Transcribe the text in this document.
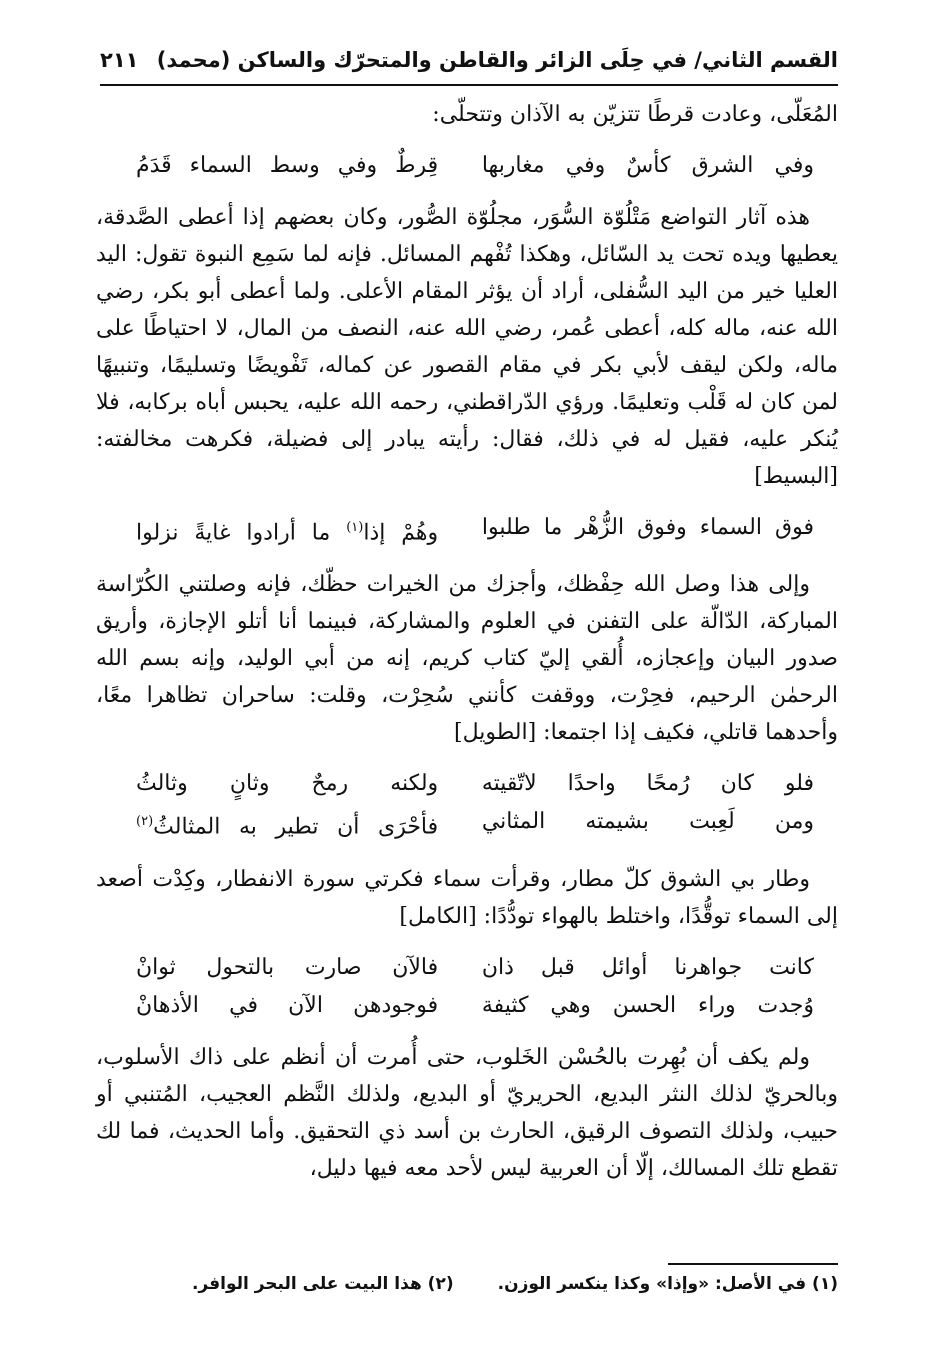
القسم الثاني/ في حِلَى الزائر والقاطن والمتحرّك والساكن (محمد)
٢١١

المُعَلّى، وعادت قرطًا تتزيّن به الآذان وتتحلّى:

وفي الشرق كأسٌ وفي مغاربها
قِرطٌ وفي وسط السماء قَدَمُ

هذه آثار التواضع مَتْلُوّة السُّوَر، مجلُوّة الصُّور، وكان بعضهم إذا أعطى الصَّدقة، يعطيها ويده تحت يد السّائل، وهكذا تُفْهم المسائل. فإنه لما سَمِع النبوة تقول: اليد العليا خير من اليد السُّفلى، أراد أن يؤثر المقام الأعلى. ولما أعطى أبو بكر، رضي الله عنه، ماله كله، أعطى عُمر، رضي الله عنه، النصف من المال، لا احتياطًا على ماله، ولكن ليقف لأبي بكر في مقام القصور عن كماله، تَفْويضًا وتسليمًا، وتنبيهًا لمن كان له قَلْب وتعليمًا. ورؤي الدّراقطني، رحمه الله عليه، يحبس أباه بركابه، فلا يُنكر عليه، فقيل له في ذلك، فقال: رأيته يبادر إلى فضيلة، فكرهت مخالفته: [البسيط]

فوق السماء وفوق الزُّهْر ما طلبوا
وهُمْ إذا$^{(١)}$ ما أرادوا غايةً نزلوا

وإلى هذا وصل الله حِفْظك، وأجزك من الخيرات حظّك، فإنه وصلتني الكُرّاسة المباركة، الدّالّة على التفنن في العلوم والمشاركة، فبينما أنا أتلو الإجازة، وأريق صدور البيان وإعجازه، أُلقي إليّ كتاب كريم، إنه من أبي الوليد، وإنه بسم الله الرحمٰن الرحيم، فحِرْت، ووقفت كأنني سُحِرْت، وقلت: ساحران تظاهرا معًا، وأحدهما قاتلي، فكيف إذا اجتمعا: [الطويل]

فلو كان رُمحًا واحدًا لاتّقيته
ولكنه رمحٌ وثانٍ وثالثُ
ومن لَعِبت بشيمته المثاني
فأحْرَى أن تطير به المثالثُ$^{(٢)}$

وطار بي الشوق كلّ مطار، وقرأت سماء فكرتي سورة الانفطار، وكِدْت أصعد إلى السماء توقُّدًا، واختلط بالهواء تودُّدًا: [الكامل]

كانت جواهرنا أوائل قبل ذان
فالآن صارت بالتحول ثوانْ
وُجدت وراء الحسن وهي كثيفة
فوجودهن الآن في الأذهانْ

ولم يكف أن بُهِرت بالحُسْن الخَلوب، حتى أُمرت أن أنظم على ذاك الأسلوب، وبالحريّ لذلك النثر البديع، الحريريّ أو البديع، ولذلك النَّظم العجيب، المُتنبي أو حبيب، ولذلك التصوف الرقيق، الحارث بن أسد ذي التحقيق. وأما الحديث، فما لك تقطع تلك المسالك، إلّا أن العربية ليس لأحد معه فيها دليل،

(١) في الأصل: «وإذا» وكذا ينكسر الوزن.
(٢) هذا البيت على البحر الوافر.
